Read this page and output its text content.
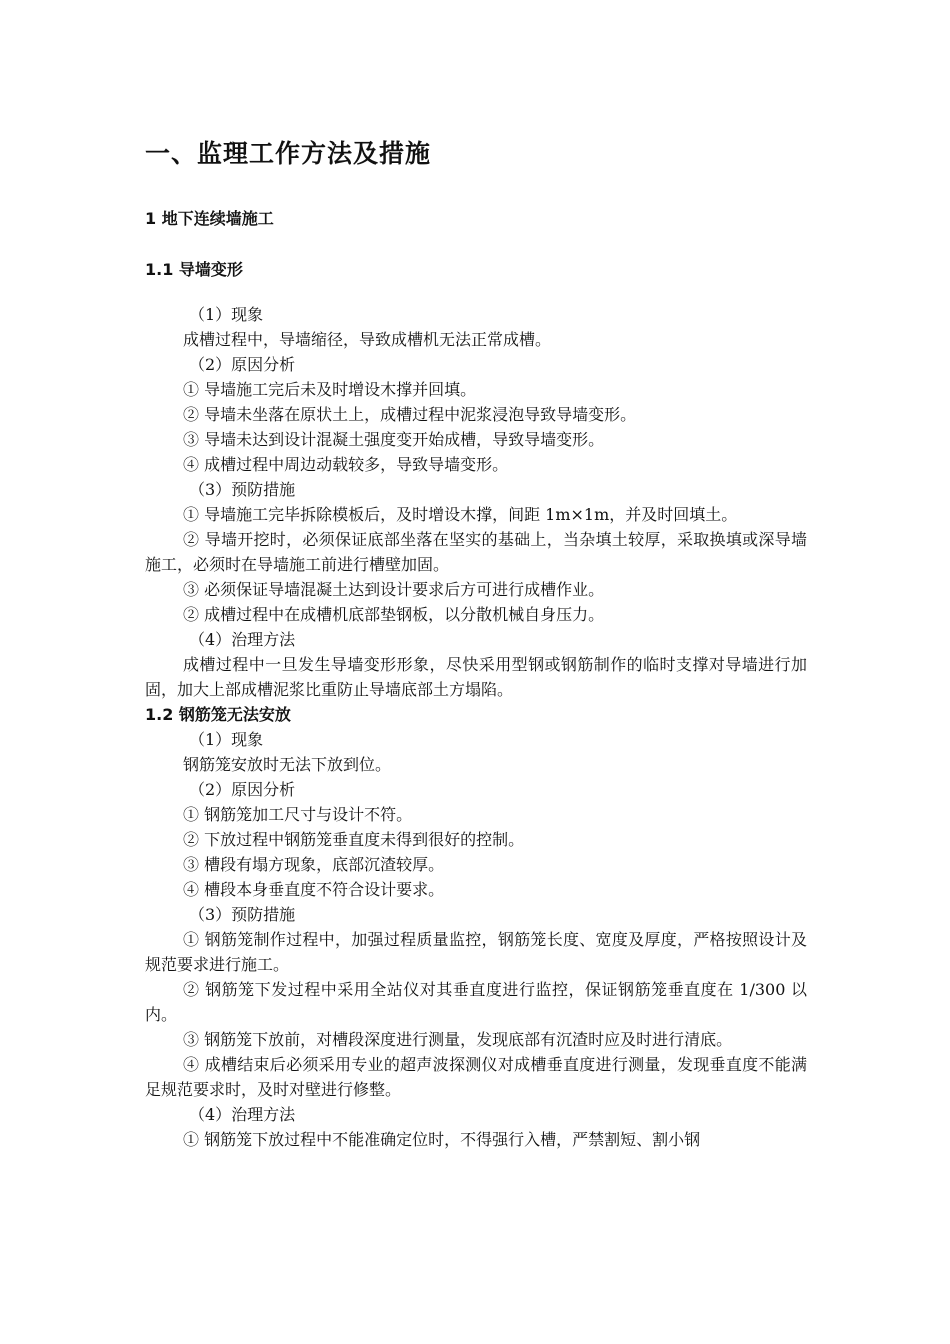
一、监理工作方法及措施
1 地下连续墙施工
1.1 导墙变形

（1）现象

成槽过程中，导墙缩径，导致成槽机无法正常成槽。

（2）原因分析

① 导墙施工完后未及时增设木撑并回填。

② 导墙未坐落在原状土上，成槽过程中泥浆浸泡导致导墙变形。

③ 导墙未达到设计混凝土强度变开始成槽，导致导墙变形。

④ 成槽过程中周边动载较多，导致导墙变形。

（3）预防措施

① 导墙施工完毕拆除模板后，及时增设木撑，间距 1m×1m，并及时回填土。

② 导墙开挖时，必须保证底部坐落在坚实的基础上，当杂填土较厚，采取换填或深导墙施工，必须时在导墙施工前进行槽壁加固。

③ 必须保证导墙混凝土达到设计要求后方可进行成槽作业。

② 成槽过程中在成槽机底部垫钢板，以分散机械自身压力。

（4）治理方法

成槽过程中一旦发生导墙变形形象，尽快采用型钢或钢筋制作的临时支撑对导墙进行加固，加大上部成槽泥浆比重防止导墙底部土方塌陷。

1.2 钢筋笼无法安放

（1）现象

钢筋笼安放时无法下放到位。

（2）原因分析

① 钢筋笼加工尺寸与设计不符。

② 下放过程中钢筋笼垂直度未得到很好的控制。

③ 槽段有塌方现象，底部沉渣较厚。

④ 槽段本身垂直度不符合设计要求。

（3）预防措施

① 钢筋笼制作过程中，加强过程质量监控，钢筋笼长度、宽度及厚度，严格按照设计及规范要求进行施工。

② 钢筋笼下发过程中采用全站仪对其垂直度进行监控，保证钢筋笼垂直度在 1/300 以内。

③ 钢筋笼下放前，对槽段深度进行测量，发现底部有沉渣时应及时进行清底。

④ 成槽结束后必须采用专业的超声波探测仪对成槽垂直度进行测量，发现垂直度不能满足规范要求时，及时对壁进行修整。

（4）治理方法

① 钢筋笼下放过程中不能准确定位时，不得强行入槽，严禁割短、割小钢
